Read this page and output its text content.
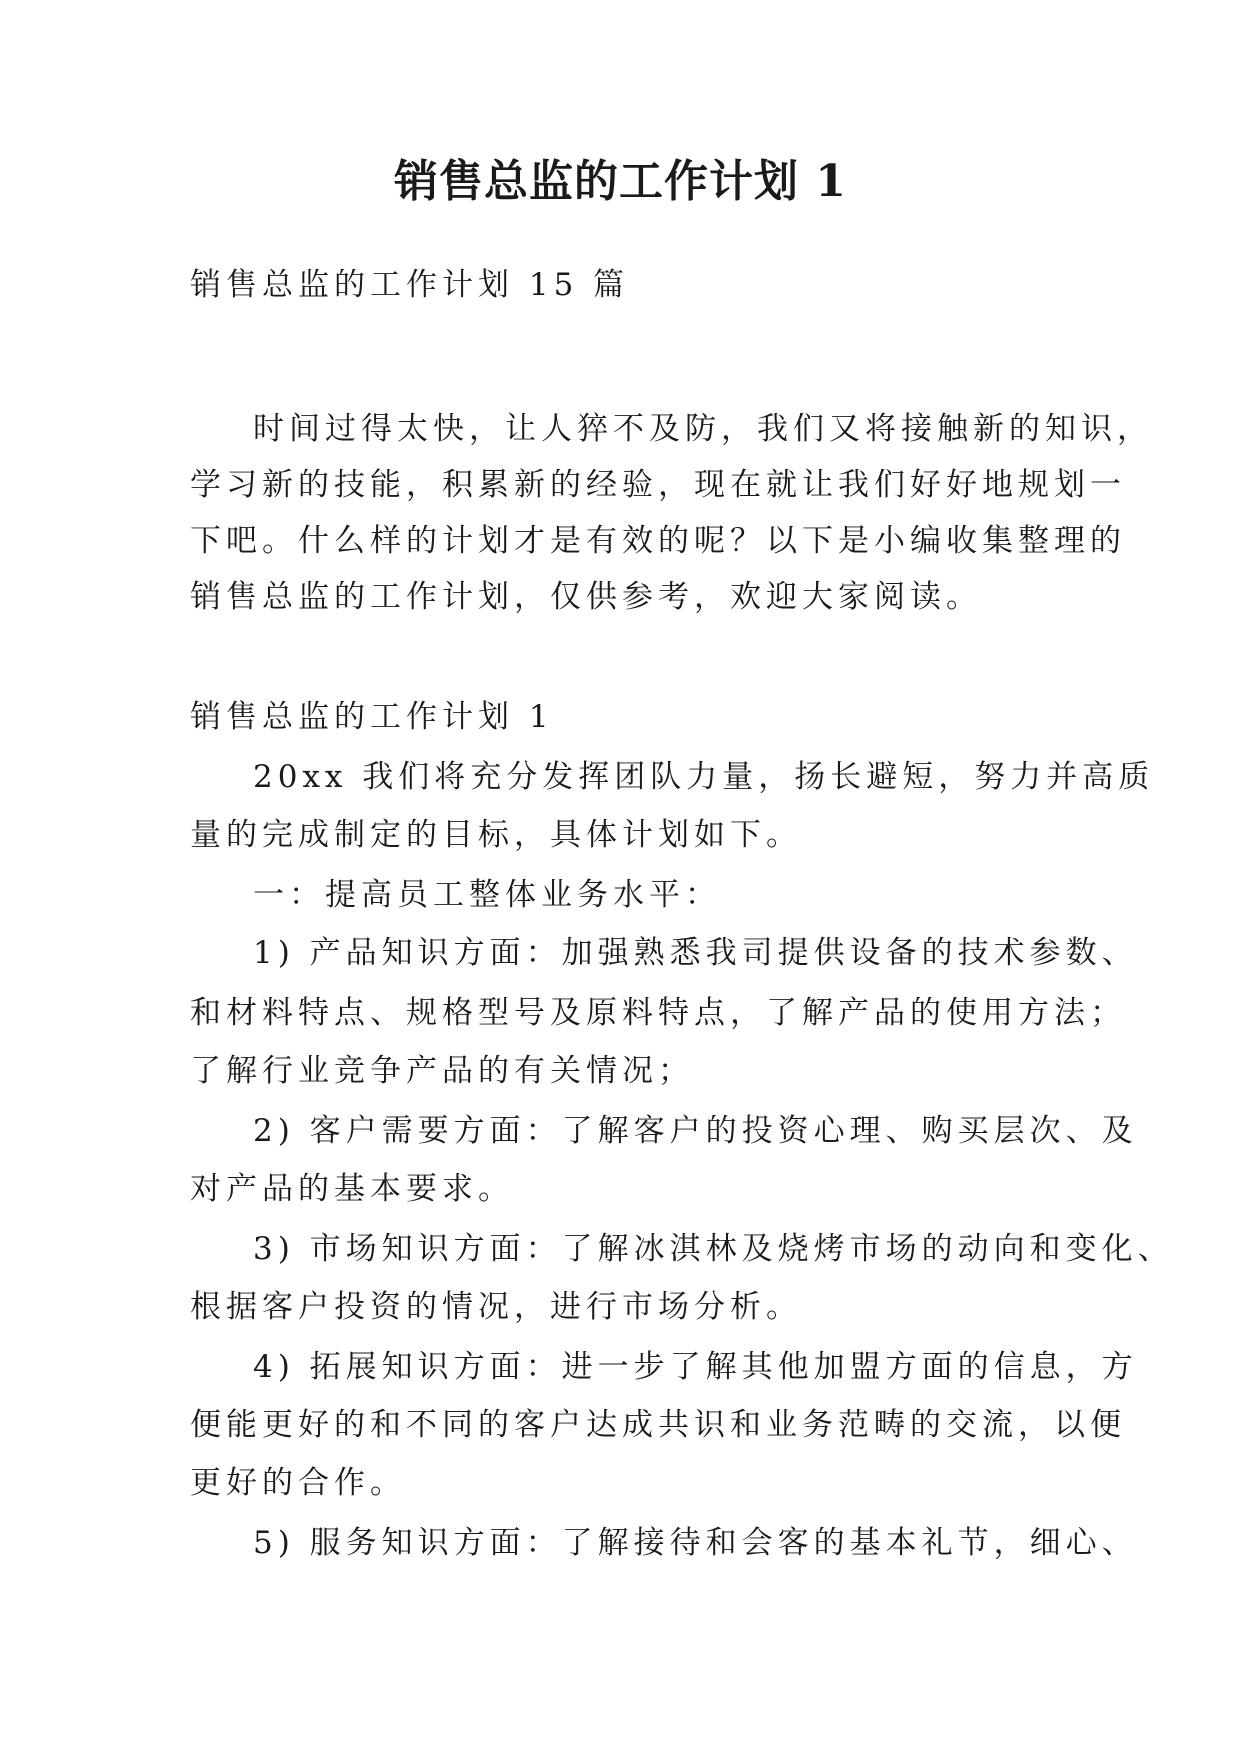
销售总监的工作计划 1

销售总监的工作计划 15 篇

时间过得太快，让人猝不及防，我们又将接触新的知识，

学习新的技能，积累新的经验，现在就让我们好好地规划一

下吧。什么样的计划才是有效的呢？以下是小编收集整理的

销售总监的工作计划，仅供参考，欢迎大家阅读。

销售总监的工作计划 1

20xx 我们将充分发挥团队力量，扬长避短，努力并高质

量的完成制定的目标，具体计划如下。

一：提高员工整体业务水平：

1) 产品知识方面：加强熟悉我司提供设备的技术参数、

和材料特点、规格型号及原料特点，了解产品的使用方法；

了解行业竞争产品的有关情况；

2) 客户需要方面：了解客户的投资心理、购买层次、及

对产品的基本要求。

3) 市场知识方面：了解冰淇林及烧烤市场的动向和变化、

根据客户投资的情况，进行市场分析。

4) 拓展知识方面：进一步了解其他加盟方面的信息，方

便能更好的和不同的客户达成共识和业务范畴的交流，以便

更好的合作。

5) 服务知识方面：了解接待和会客的基本礼节，细心、
